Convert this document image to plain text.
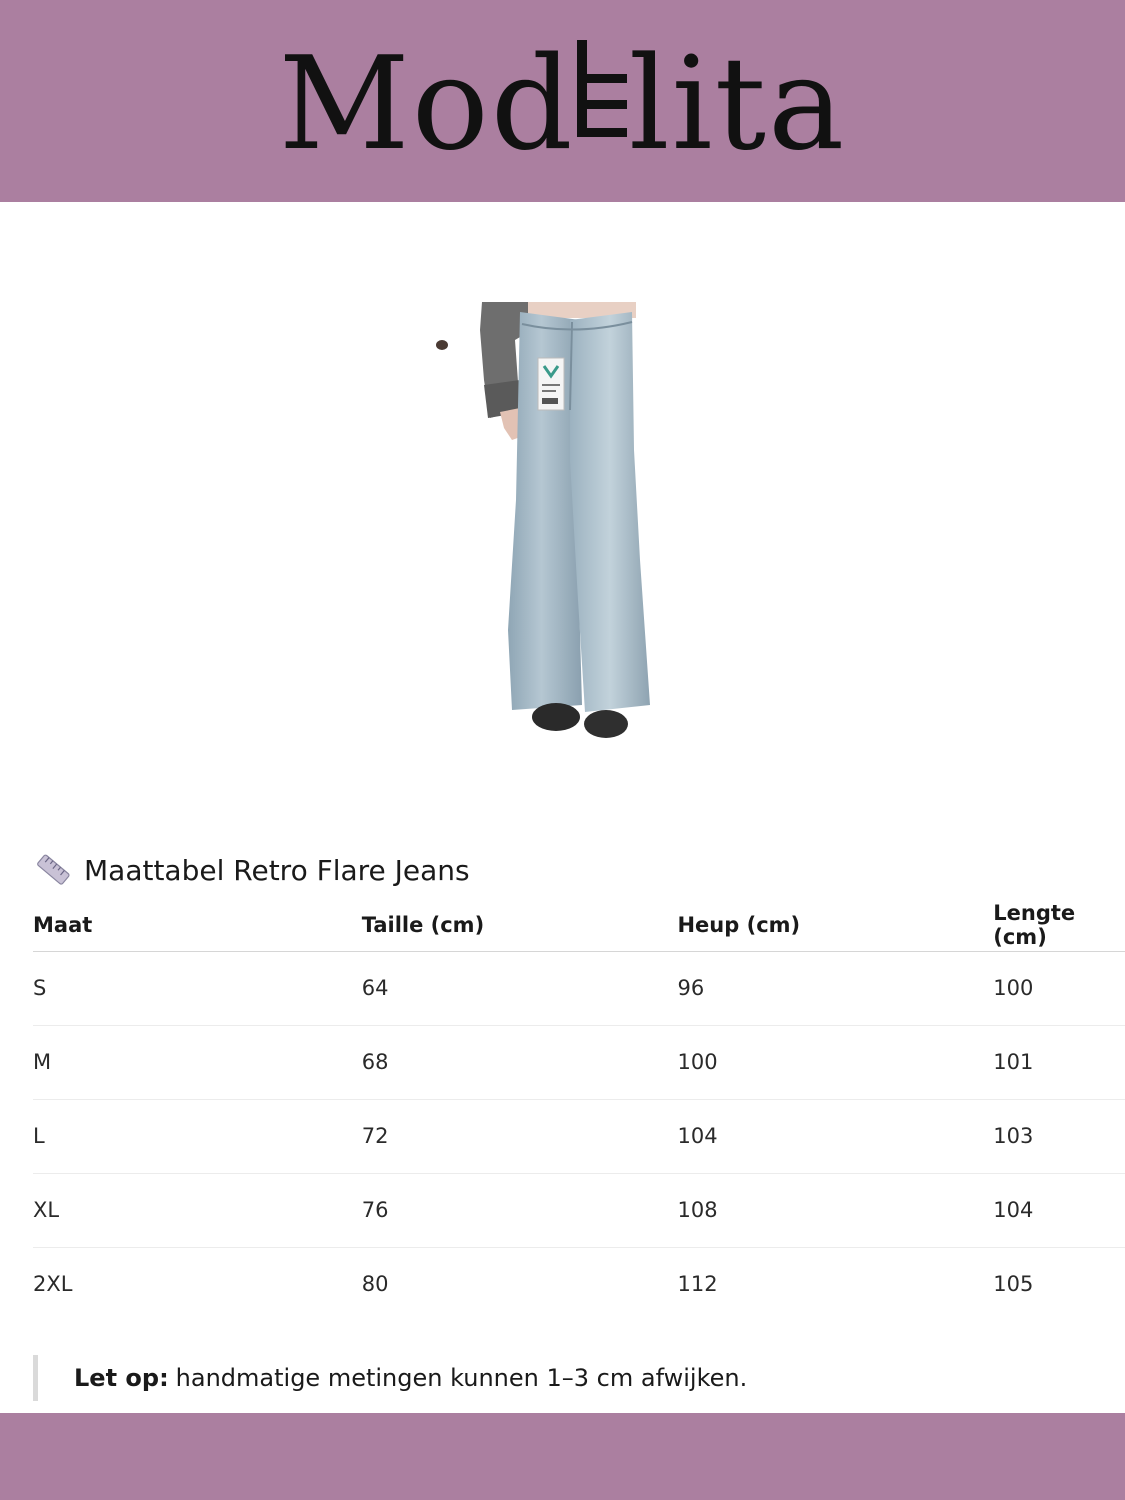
Mod lita
Maattabel Retro Flare Jeans
Maat	Taille (cm)	Heup (cm)	Lengte (cm)
S	64	96	100
M	68	100	101
L	72	104	103
XL	76	108	104
2XL	80	112	105
Let op: handmatige metingen kunnen 1–3 cm afwijken.
